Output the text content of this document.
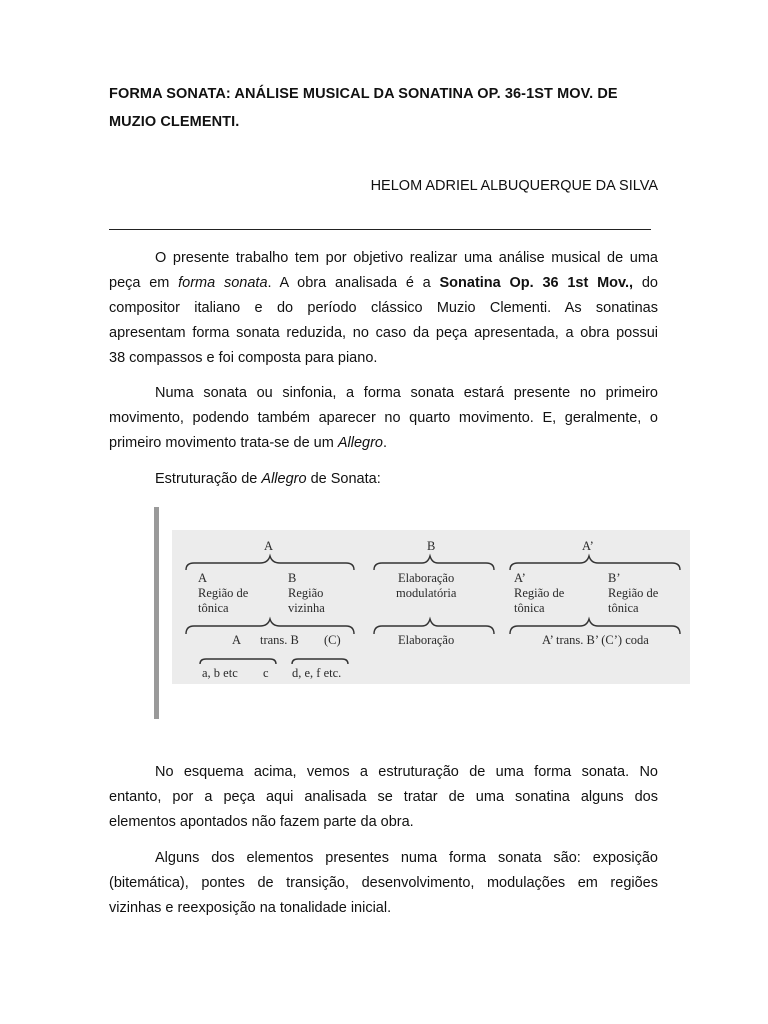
FORMA SONATA: ANÁLISE MUSICAL DA SONATINA OP. 36-1ST MOV. DE
MUZIO CLEMENTI.
HELOM ADRIEL ALBUQUERQUE DA SILVA
O presente trabalho tem por objetivo realizar uma análise musical de uma
peça em forma sonata. A obra analisada é a Sonatina Op. 36 1st Mov., do
compositor italiano e do período clássico Muzio Clementi. As sonatinas
apresentam forma sonata reduzida, no caso da peça apresentada, a obra possui
38 compassos e foi composta para piano.
Numa sonata ou sinfonia, a forma sonata estará presente no primeiro
movimento, podendo também aparecer no quarto movimento. E, geralmente, o
primeiro movimento trata-se de um Allegro.
Estruturação de Allegro de Sonata:
A	B	A’
A	B
Região de
tônica
Região
vizinha
Elaboração
modulatória
A’	B’
Região de
tônica
Região de
tônica
A trans. B (C)	Elaboração	A’ trans. B’ (C’) coda
a, b etc c d, e, f etc.
No esquema acima, vemos a estruturação de uma forma sonata. No
entanto, por a peça aqui analisada se tratar de uma sonatina alguns dos
elementos apontados não fazem parte da obra.
Alguns dos elementos presentes numa forma sonata são: exposição
(bitemática), pontes de transição, desenvolvimento, modulações em regiões
vizinhas e reexposição na tonalidade inicial.
